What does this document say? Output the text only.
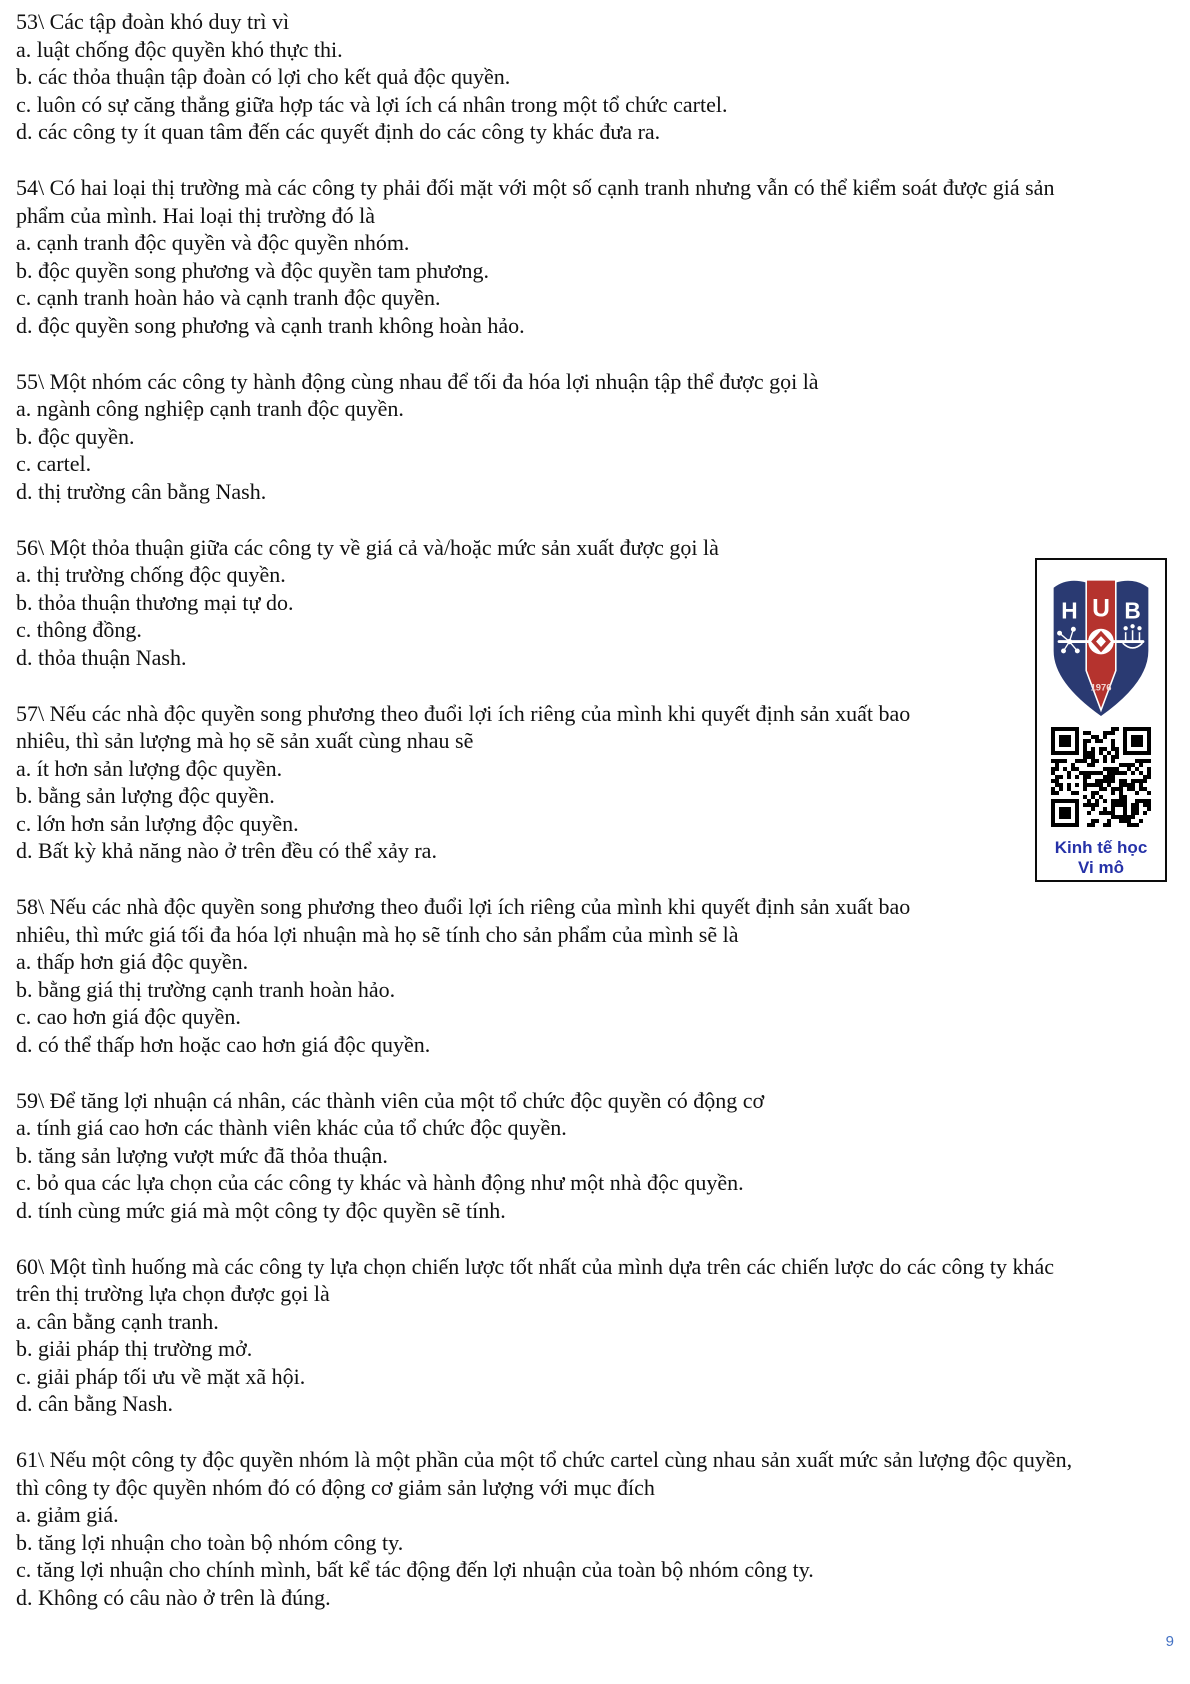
53\ Các tập đoàn khó duy trì vì
a. luật chống độc quyền khó thực thi.
b. các thỏa thuận tập đoàn có lợi cho kết quả độc quyền.
c. luôn có sự căng thẳng giữa hợp tác và lợi ích cá nhân trong một tổ chức cartel.
d. các công ty ít quan tâm đến các quyết định do các công ty khác đưa ra.
54\ Có hai loại thị trường mà các công ty phải đối mặt với một số cạnh tranh nhưng vẫn có thể kiểm soát được giá sản
phẩm của mình. Hai loại thị trường đó là
a. cạnh tranh độc quyền và độc quyền nhóm.
b. độc quyền song phương và độc quyền tam phương.
c. cạnh tranh hoàn hảo và cạnh tranh độc quyền.
d. độc quyền song phương và cạnh tranh không hoàn hảo.
55\ Một nhóm các công ty hành động cùng nhau để tối đa hóa lợi nhuận tập thể được gọi là
a. ngành công nghiệp cạnh tranh độc quyền.
b. độc quyền.
c. cartel.
d. thị trường cân bằng Nash.
56\ Một thỏa thuận giữa các công ty về giá cả và/hoặc mức sản xuất được gọi là
a. thị trường chống độc quyền.
b. thỏa thuận thương mại tự do.
c. thông đồng.
d. thỏa thuận Nash.
57\ Nếu các nhà độc quyền song phương theo đuổi lợi ích riêng của mình khi quyết định sản xuất bao
nhiêu, thì sản lượng mà họ sẽ sản xuất cùng nhau sẽ
a. ít hơn sản lượng độc quyền.
b. bằng sản lượng độc quyền.
c. lớn hơn sản lượng độc quyền.
d. Bất kỳ khả năng nào ở trên đều có thể xảy ra.
58\ Nếu các nhà độc quyền song phương theo đuổi lợi ích riêng của mình khi quyết định sản xuất bao
nhiêu, thì mức giá tối đa hóa lợi nhuận mà họ sẽ tính cho sản phẩm của mình sẽ là
a. thấp hơn giá độc quyền.
b. bằng giá thị trường cạnh tranh hoàn hảo.
c. cao hơn giá độc quyền.
d. có thể thấp hơn hoặc cao hơn giá độc quyền.
59\ Để tăng lợi nhuận cá nhân, các thành viên của một tổ chức độc quyền có động cơ
a. tính giá cao hơn các thành viên khác của tổ chức độc quyền.
b. tăng sản lượng vượt mức đã thỏa thuận.
c. bỏ qua các lựa chọn của các công ty khác và hành động như một nhà độc quyền.
d. tính cùng mức giá mà một công ty độc quyền sẽ tính.
60\ Một tình huống mà các công ty lựa chọn chiến lược tốt nhất của mình dựa trên các chiến lược do các công ty khác
trên thị trường lựa chọn được gọi là
a. cân bằng cạnh tranh.
b. giải pháp thị trường mở.
c. giải pháp tối ưu về mặt xã hội.
d. cân bằng Nash.
61\ Nếu một công ty độc quyền nhóm là một phần của một tổ chức cartel cùng nhau sản xuất mức sản lượng độc quyền,
thì công ty độc quyền nhóm đó có động cơ giảm sản lượng với mục đích
a. giảm giá.
b. tăng lợi nhuận cho toàn bộ nhóm công ty.
c. tăng lợi nhuận cho chính mình, bất kể tác động đến lợi nhuận của toàn bộ nhóm công ty.
d. Không có câu nào ở trên là đúng.
H U B
1976
Kinh tế học
Vi mô
9
